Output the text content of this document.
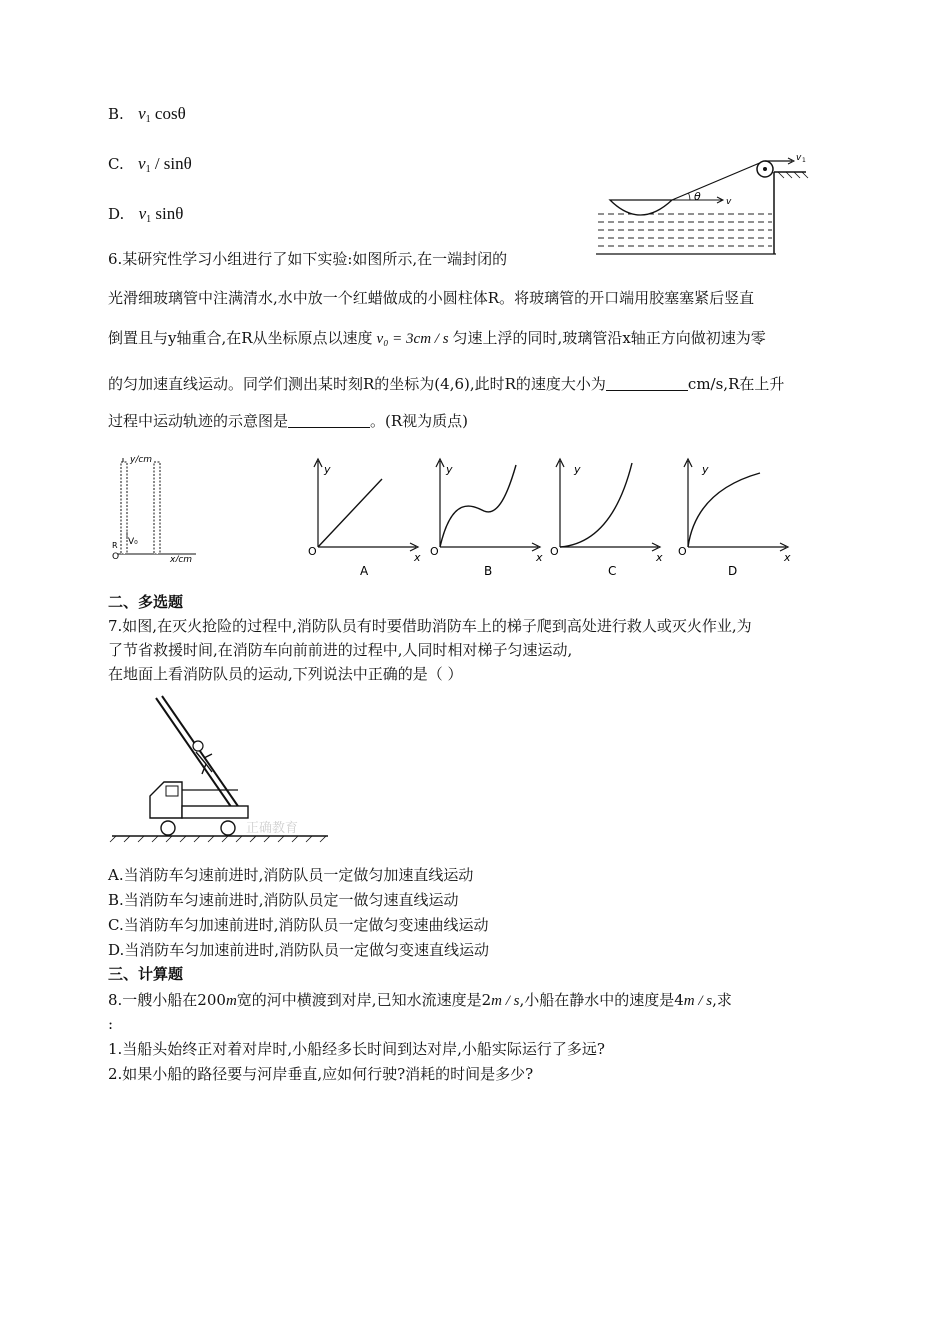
B. $v_1$ cosθ
C. $v_1$ / sinθ
D. $v_1$ sinθ
θ	v
v 1
6.某研究性学习小组进行了如下实验:如图所示,在一端封闭的
光滑细玻璃管中注满清水,水中放一个红蜡做成的小圆柱体R。将玻璃管的开口端用胶塞塞紧后竖直
倒置且与y轴重合,在R从坐标原点以速度 v₀ = 3cm / s 匀速上浮的同时,玻璃管沿x轴正方向做初速为零
的匀加速直线运动。同学们测出某时刻R的坐标为(4,6),此时R的速度大小为	cm/s,R在上升
过程中运动轨迹的示意图是	。(R视为质点)
y/cm
x/cm
V₀
R
O
y
x
O
A
y
x
O
B
y
x
O
C
y
x
O
D
二、多选题
7.如图,在灭火抢险的过程中,消防队员有时要借助消防车上的梯子爬到高处进行救人或灭火作业,为
了节省救援时间,在消防车向前前进的过程中,人同时相对梯子匀速运动,
在地面上看消防队员的运动,下列说法中正确的是（ ）
正确教育
A.当消防车匀速前进时,消防队员一定做匀加速直线运动
B.当消防车匀速前进时,消防队员定一做匀速直线运动
C.当消防车匀加速前进时,消防队员一定做匀变速曲线运动
D.当消防车匀加速前进时,消防队员一定做匀变速直线运动
三、计算题
8.一艘小船在200m宽的河中横渡到对岸,已知水流速度是2m / s,小船在静水中的速度是4m / s,求
:
1.当船头始终正对着对岸时,小船经多长时间到达对岸,小船实际运行了多远?
2.如果小船的路径要与河岸垂直,应如何行驶?消耗的时间是多少?
